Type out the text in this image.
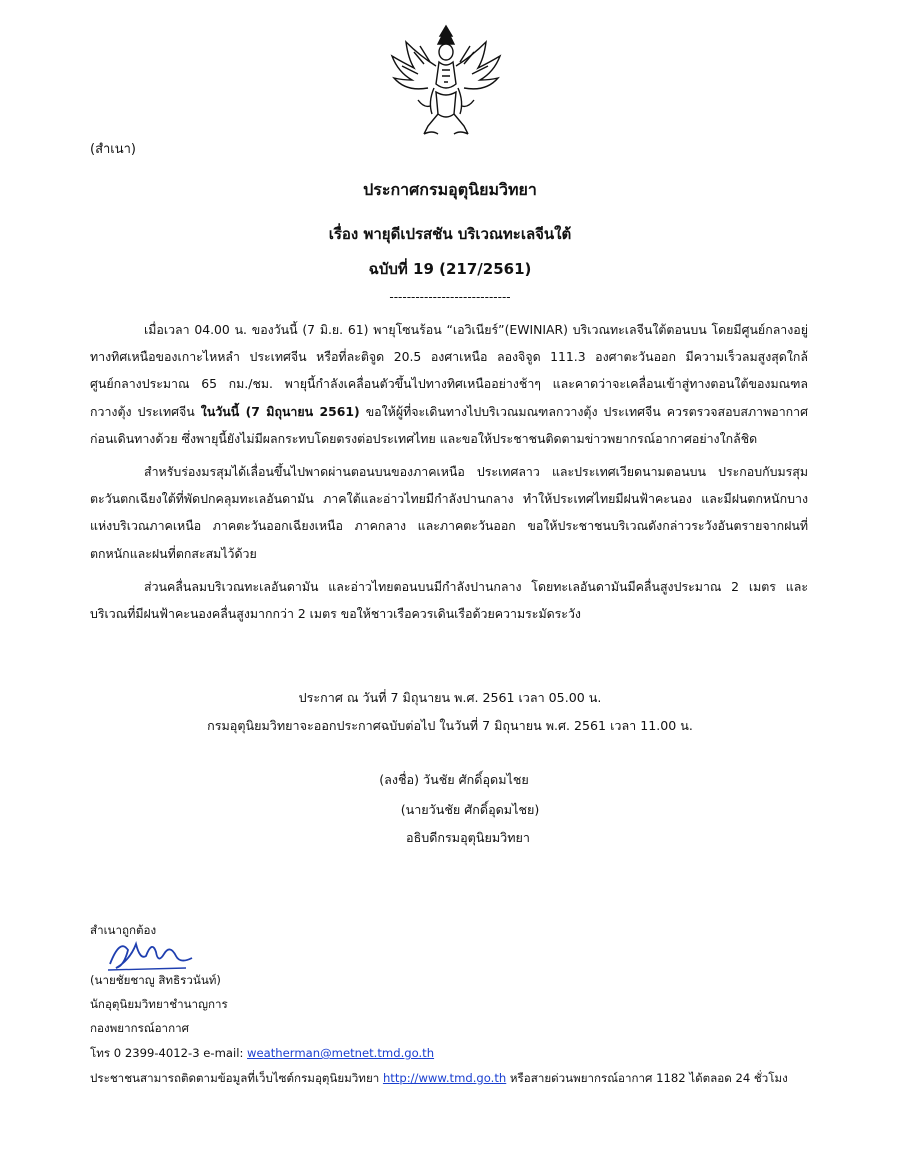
(สำเนา)
ประกาศกรมอุตุนิยมวิทยา
เรื่อง พายุดีเปรสชัน บริเวณทะเลจีนใต้
ฉบับที่ 19 (217/2561)
----------------------------

เมื่อเวลา 04.00 น. ของวันนี้ (7 มิ.ย. 61) พายุโซนร้อน “เอวิเนียร์”(EWINIAR) บริเวณทะเลจีนใต้ตอนบน โดยมีศูนย์กลางอยู่ทางทิศเหนือของเกาะไหหลำ ประเทศจีน หรือที่ละติจูด 20.5 องศาเหนือ ลองจิจูด 111.3 องศาตะวันออก มีความเร็วลมสูงสุดใกล้ศูนย์กลางประมาณ 65 กม./ชม. พายุนี้กำลังเคลื่อนตัวขึ้นไปทางทิศเหนืออย่างช้าๆ และคาดว่าจะเคลื่อนเข้าสู่ทางตอนใต้ของมณฑลกวางตุ้ง ประเทศจีน ในวันนี้ (7 มิถุนายน 2561) ขอให้ผู้ที่จะเดินทางไปบริเวณมณฑลกวางตุ้ง ประเทศจีน ควรตรวจสอบสภาพอากาศก่อนเดินทางด้วย ซึ่งพายุนี้ยังไม่มีผลกระทบโดยตรงต่อประเทศไทย และขอให้ประชาชนติดตามข่าวพยากรณ์อากาศอย่างใกล้ชิด

สำหรับร่องมรสุมได้เลื่อนขึ้นไปพาดผ่านตอนบนของภาคเหนือ ประเทศลาว และประเทศเวียดนามตอนบน ประกอบกับมรสุมตะวันตกเฉียงใต้ที่พัดปกคลุมทะเลอันดามัน ภาคใต้และอ่าวไทยมีกำลังปานกลาง ทำให้ประเทศไทยมีฝนฟ้าคะนอง และมีฝนตกหนักบางแห่งบริเวณภาคเหนือ ภาคตะวันออกเฉียงเหนือ ภาคกลาง และภาคตะวันออก ขอให้ประชาชนบริเวณดังกล่าวระวังอันตรายจากฝนที่ตกหนักและฝนที่ตกสะสมไว้ด้วย

ส่วนคลื่นลมบริเวณทะเลอันดามัน และอ่าวไทยตอนบนมีกำลังปานกลาง โดยทะเลอันดามันมีคลื่นสูงประมาณ 2 เมตร และบริเวณที่มีฝนฟ้าคะนองคลื่นสูงมากกว่า 2 เมตร ขอให้ชาวเรือควรเดินเรือด้วยความระมัดระวัง

ประกาศ ณ วันที่ 7 มิถุนายน พ.ศ. 2561 เวลา 05.00 น.
กรมอุตุนิยมวิทยาจะออกประกาศฉบับต่อไป ในวันที่ 7 มิถุนายน พ.ศ. 2561 เวลา 11.00 น.
(ลงชื่อ) วันชัย ศักดิ์อุดมไชย
(นายวันชัย ศักดิ์อุดมไชย)
อธิบดีกรมอุตุนิยมวิทยา
สำเนาถูกต้อง
(นายชัยชาญู สิทธิรวนันท์)
นักอุตุนิยมวิทยาชำนาญการ
กองพยากรณ์อากาศ
โทร 0 2399-4012-3 e-mail: weatherman@metnet.tmd.go.th
ประชาชนสามารถติดตามข้อมูลที่เว็บไซต์กรมอุตุนิยมวิทยา http://www.tmd.go.th หรือสายด่วนพยากรณ์อากาศ 1182 ได้ตลอด 24 ชั่วโมง
